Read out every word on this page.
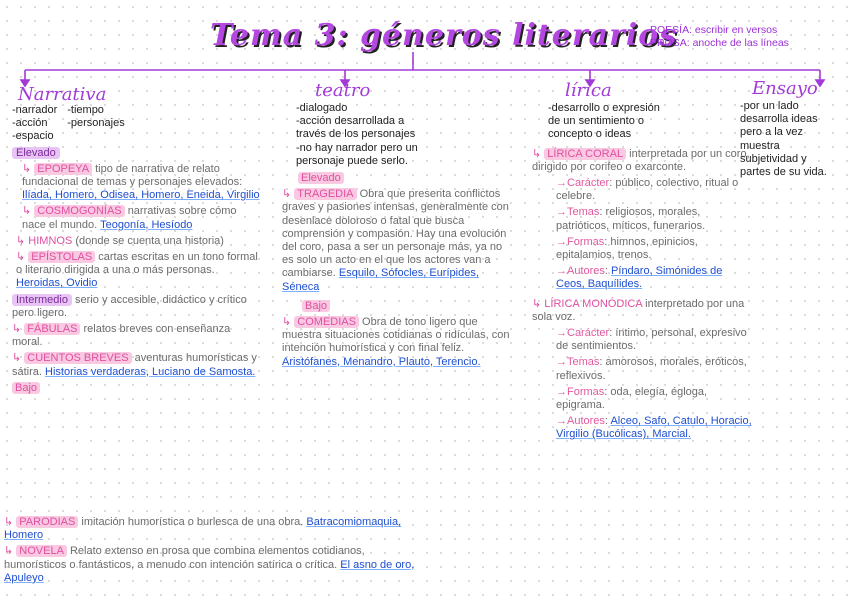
Tema 3: géneros literarios
POESÍA: escribir en versos
PROSA: anoche de las líneas
Narrativa	teatro	lírica	Ensayo
-narrador
-acción
-espacio
-tiempo
-personajes
Elevado
↳ EPOPEYA tipo de narrativa de relato fundacional de temas y personajes elevados: Ilíada, Homero, Odisea, Homero, Eneida, Virgilio
↳ COSMOGONÍAS narrativas sobre cómo nace el mundo. Teogonía, Hesíodo
↳ HIMNOS (donde se cuenta una historia)
↳ EPÍSTOLAS cartas escritas en un tono formal o literario dirigida a una o más personas. Heroidas, Ovidio
Intermedio serio y accesible, didáctico y crítico pero ligero.
↳ FÁBULAS relatos breves con enseñanza moral.
↳ CUENTOS BREVES aventuras humorísticas y sátira. Historias verdaderas, Luciano de Samosta.
Bajo
↳ PARODIAS imitación humorística o burlesca de una obra. Batracomiomaquia, Homero
↳ NOVELA Relato extenso en prosa que combina elementos cotidianos, humorísticos o fantásticos, a menudo con intención satírica o crítica. El asno de oro, Apuleyo
-dialogado
-acción desarrollada a través de los personajes
-no hay narrador pero un personaje puede serlo.
Elevado
↳ TRAGEDIA Obra que presenta conflictos graves y pasiones intensas, generalmente con desenlace doloroso o fatal que busca comprensión y compasión. Hay una evolución del coro, pasa a ser un personaje más, ya no es solo un acto en el que los actores van a cambiarse. Esquilo, Sófocles, Eurípides, Séneca
Bajo
↳ COMEDIAS Obra de tono ligero que muestra situaciones cotidianas o ridículas, con intención humorística y con final feliz. Aristófanes, Menandro, Plauto, Terencio.
-desarrollo o expresión de un sentimiento o concepto o ideas
↳ LÍRICA CORAL interpretada por un coro, dirigido por corifeo o exarconte.
→Carácter: público, colectivo, ritual o celebre.
→Temas: religiosos, morales, patrióticos, míticos, funerarios.
→Formas: himnos, epinicios, epitalamios, trenos.
→Autores: Píndaro, Simónides de Ceos, Baquílides.
↳ LÍRICA MONÓDICA interpretado por una sola voz.
→Carácter: íntimo, personal, expresivo de sentimientos.
→Temas: amorosos, morales, eróticos, reflexivos.
→Formas: oda, elegía, égloga, epigrama.
→Autores: Alceo, Safo, Catulo, Horacio, Virgilio (Bucólicas), Marcial.
-por un lado desarrolla ideas pero a la vez muestra subjetividad y partes de su vida.
